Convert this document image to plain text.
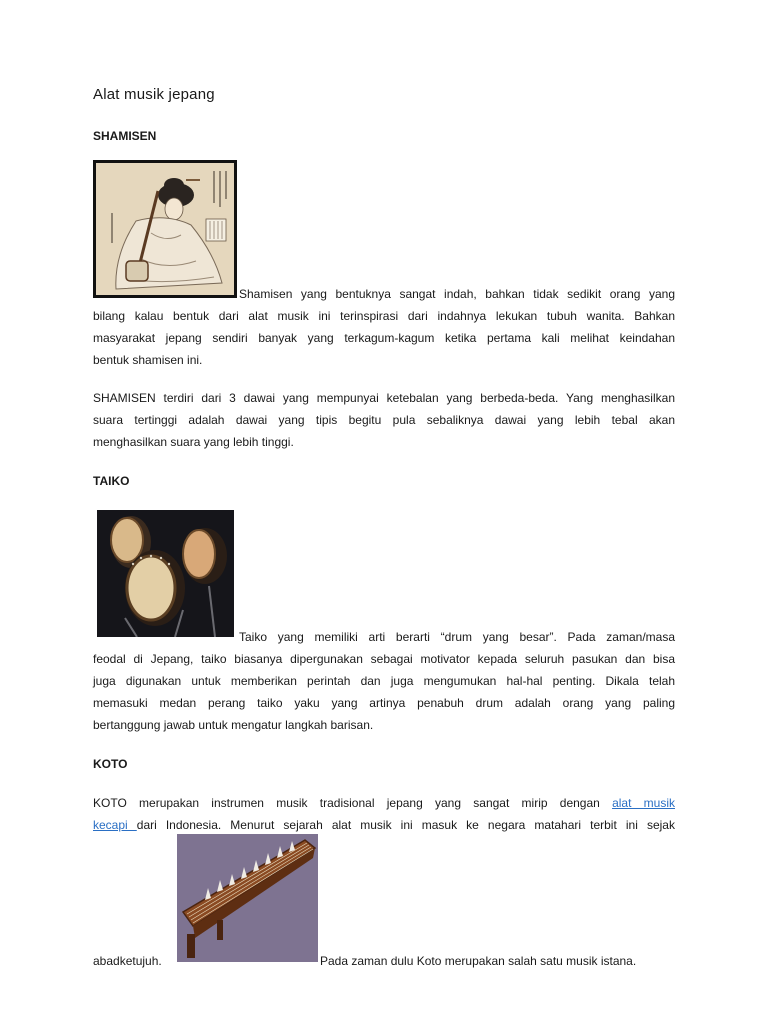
Alat musik jepang
SHAMISEN
Shamisen yang bentuknya sangat indah, bahkan tidak sedikit orang yang
bilang kalau bentuk dari alat musik ini terinspirasi dari indahnya lekukan tubuh wanita. Bahkan
masyarakat jepang sendiri banyak yang terkagum-kagum ketika pertama kali melihat keindahan
bentuk shamisen ini.
SHAMISEN terdiri dari 3 dawai yang mempunyai ketebalan yang berbeda-beda. Yang menghasilkan
suara tertinggi adalah dawai yang tipis begitu pula sebaliknya dawai yang lebih tebal akan
menghasilkan suara yang lebih tinggi.
TAIKO
Taiko yang memiliki arti berarti “drum yang besar”. Pada zaman/masa
feodal di Jepang, taiko biasanya dipergunakan sebagai motivator kepada seluruh pasukan dan bisa
juga digunakan untuk memberikan perintah dan juga mengumukan hal-hal penting. Dikala telah
memasuki medan perang taiko yaku yang artinya penabuh drum adalah orang yang paling
bertanggung jawab untuk mengatur langkah barisan.
KOTO
KOTO merupakan instrumen musik tradisional jepang yang sangat mirip dengan alat musik
kecapi dari Indonesia. Menurut sejarah alat musik ini masuk ke negara matahari terbit ini sejak
abadketujuh.	Pada zaman dulu Koto merupakan salah satu musik istana.
